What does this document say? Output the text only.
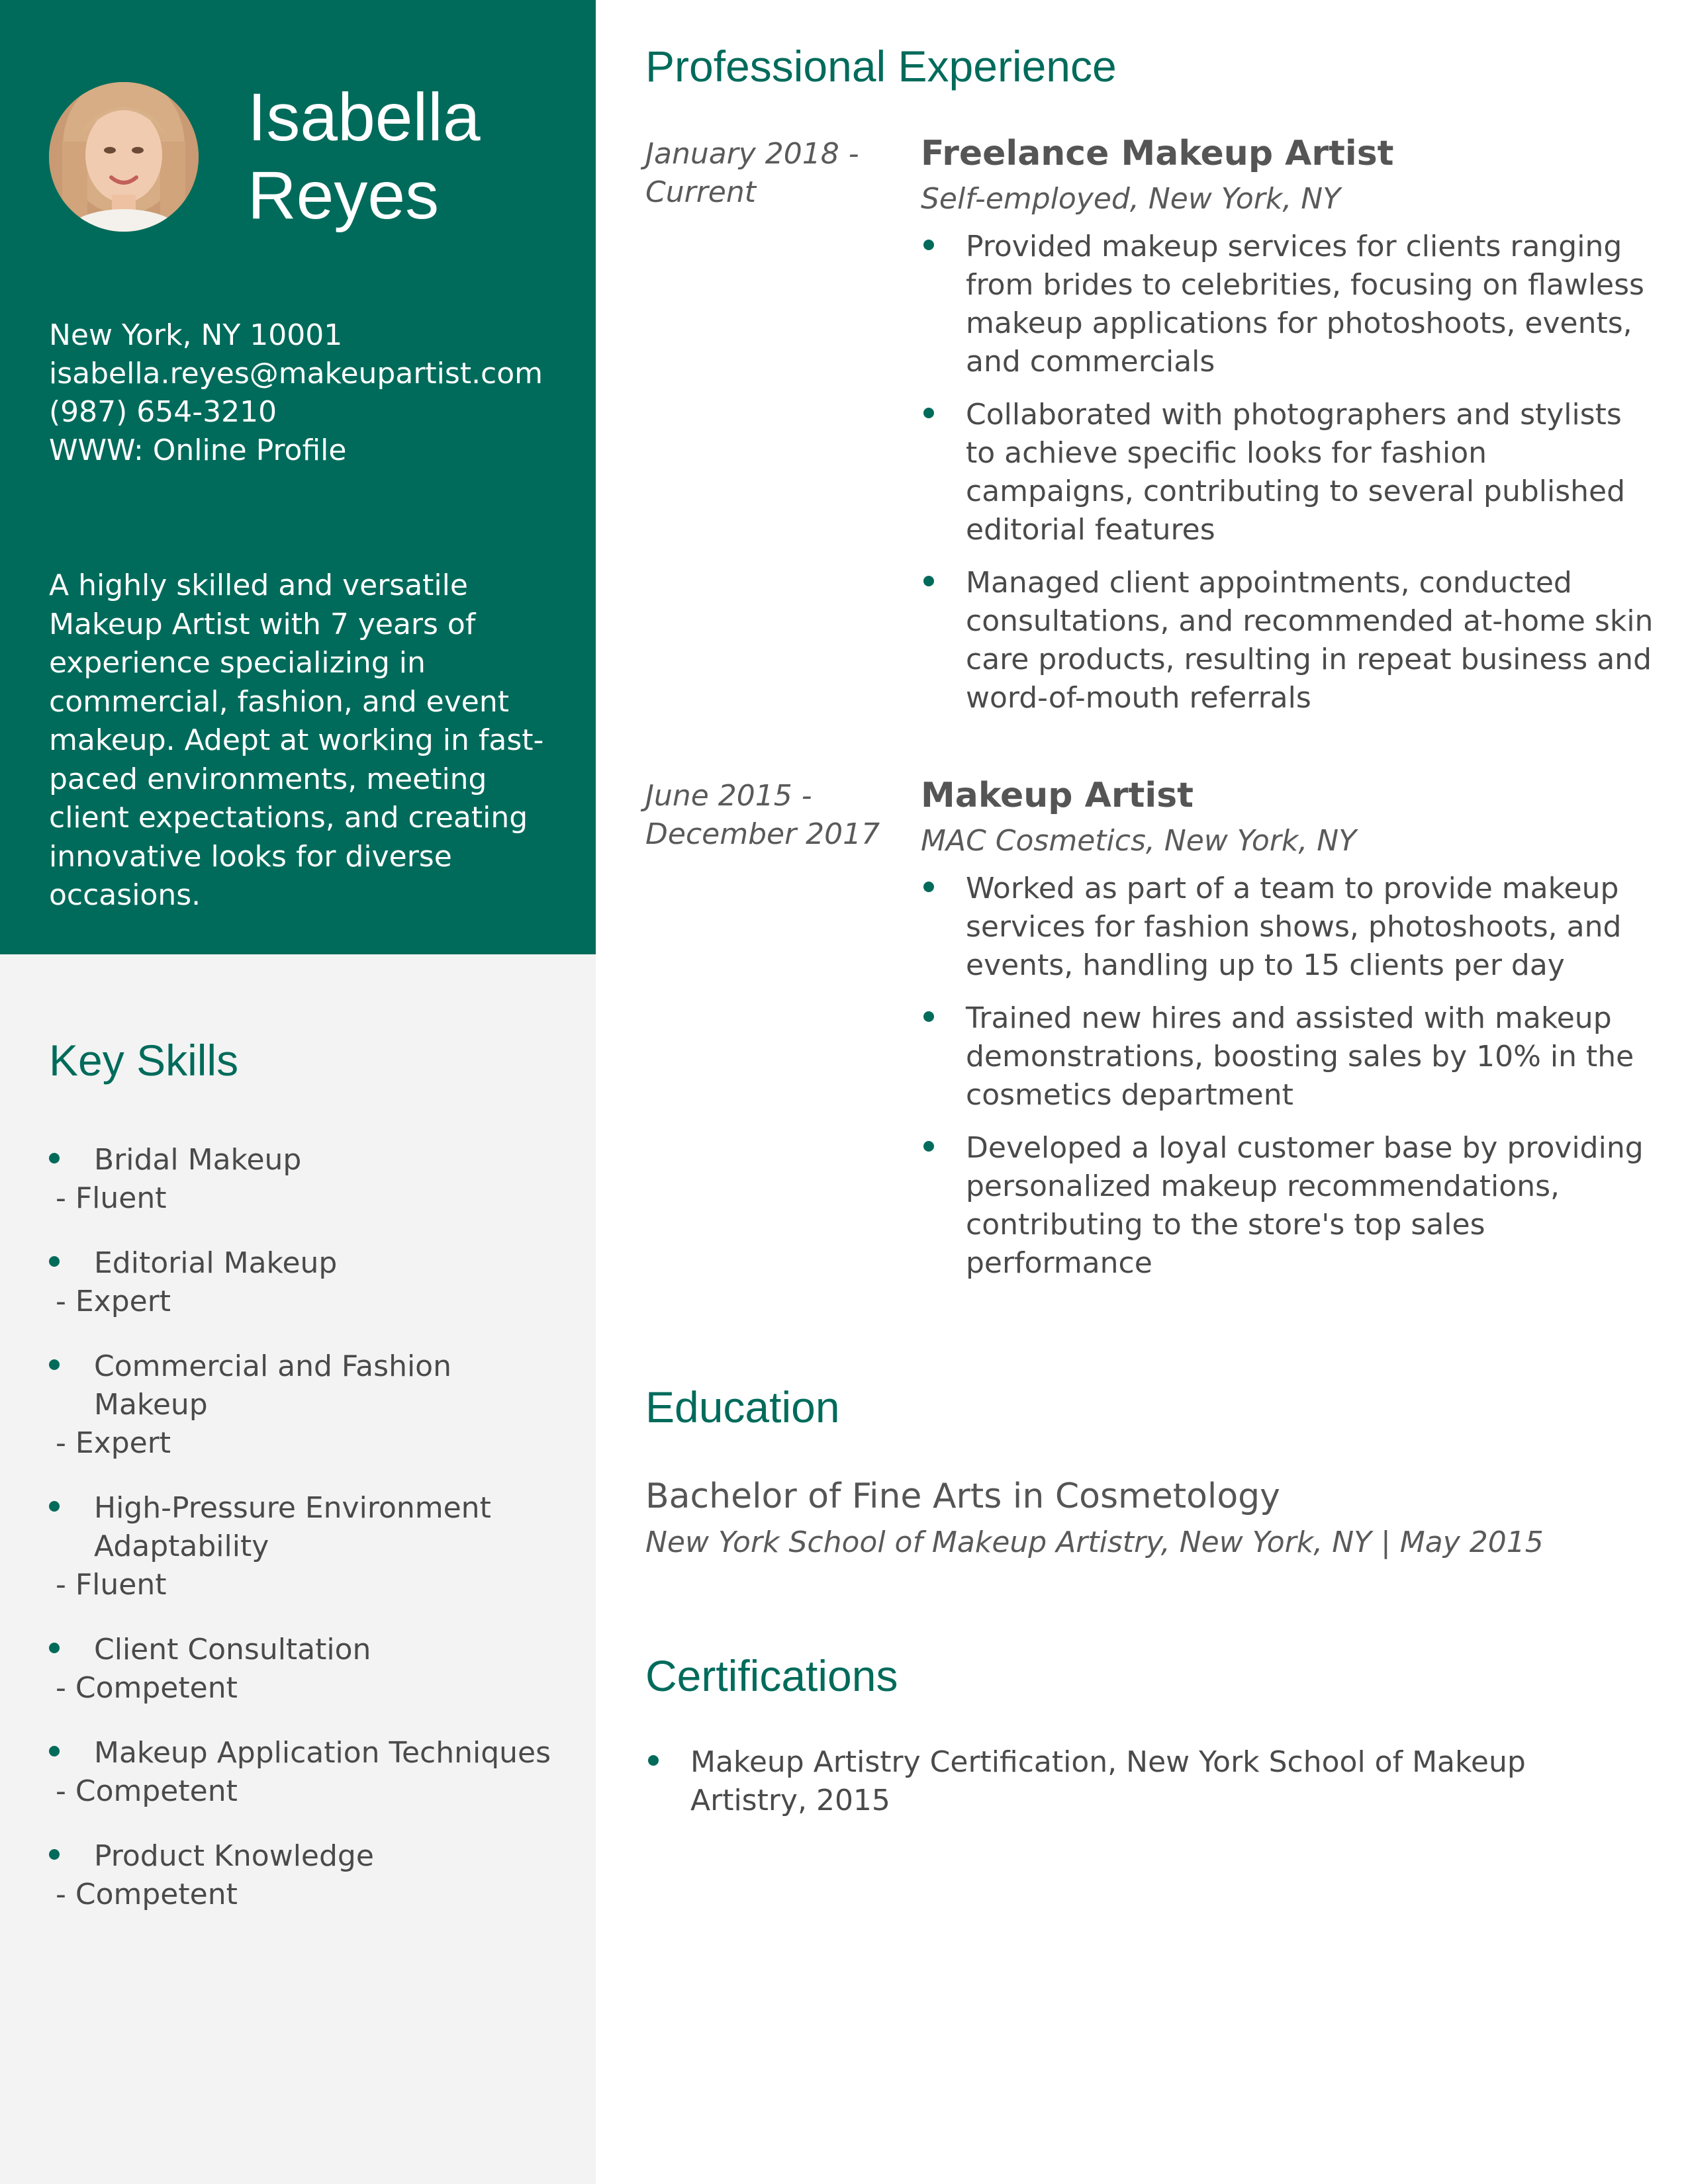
Isabella
Reyes
New York, NY 10001
isabella.reyes@makeupartist.com
(987) 654-3210
WWW: Online Profile
A highly skilled and versatile Makeup Artist with 7 years of experience specializing in commercial, fashion, and event makeup. Adept at working in fast-paced environments, meeting client expectations, and creating innovative looks for diverse occasions.
Key Skills
Bridal Makeup
- Fluent
Editorial Makeup
- Expert
Commercial and Fashion Makeup
- Expert
High-Pressure Environment Adaptability
- Fluent
Client Consultation
- Competent
Makeup Application Techniques
- Competent
Product Knowledge
- Competent
Professional Experience
January 2018 - Current
Freelance Makeup Artist
Self-employed, New York, NY
Provided makeup services for clients ranging from brides to celebrities, focusing on flawless makeup applications for photoshoots, events, and commercials
Collaborated with photographers and stylists to achieve specific looks for fashion campaigns, contributing to several published editorial features
Managed client appointments, conducted consultations, and recommended at-home skin care products, resulting in repeat business and word-of-mouth referrals
June 2015 - December 2017
Makeup Artist
MAC Cosmetics, New York, NY
Worked as part of a team to provide makeup services for fashion shows, photoshoots, and events, handling up to 15 clients per day
Trained new hires and assisted with makeup demonstrations, boosting sales by 10% in the cosmetics department
Developed a loyal customer base by providing personalized makeup recommendations, contributing to the store's top sales performance
Education
Bachelor of Fine Arts in Cosmetology
New York School of Makeup Artistry, New York, NY | May 2015
Certifications
Makeup Artistry Certification, New York School of Makeup Artistry, 2015
